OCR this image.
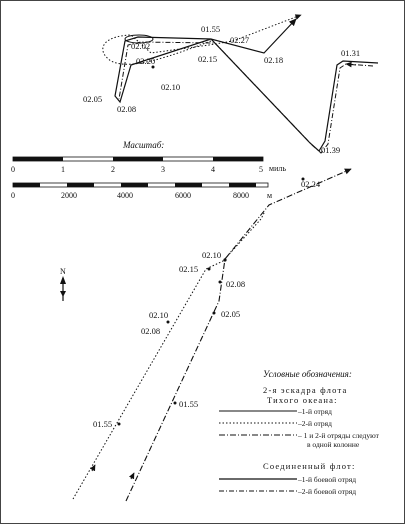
Масштаб:
0	1	2	3	4	5 миль
0	2000	4000	6000	8000 м
01.55
02.27
02.18
01.31
02.02
02.20	02.15
02.10
02.05
02.08
01.39
02.24
02.10
02.15
02.08
02.05
02.10
02.08
01.55
01.55
N
Условные обозначения:
2-я эскадра флота
Тихого океана:
–1-й отряд
–2-й отряд
– 1 и 2-й отряды следуют
в одной колонне
Соединенный флот:
–1-й боевой отряд
–2-й боевой отряд
